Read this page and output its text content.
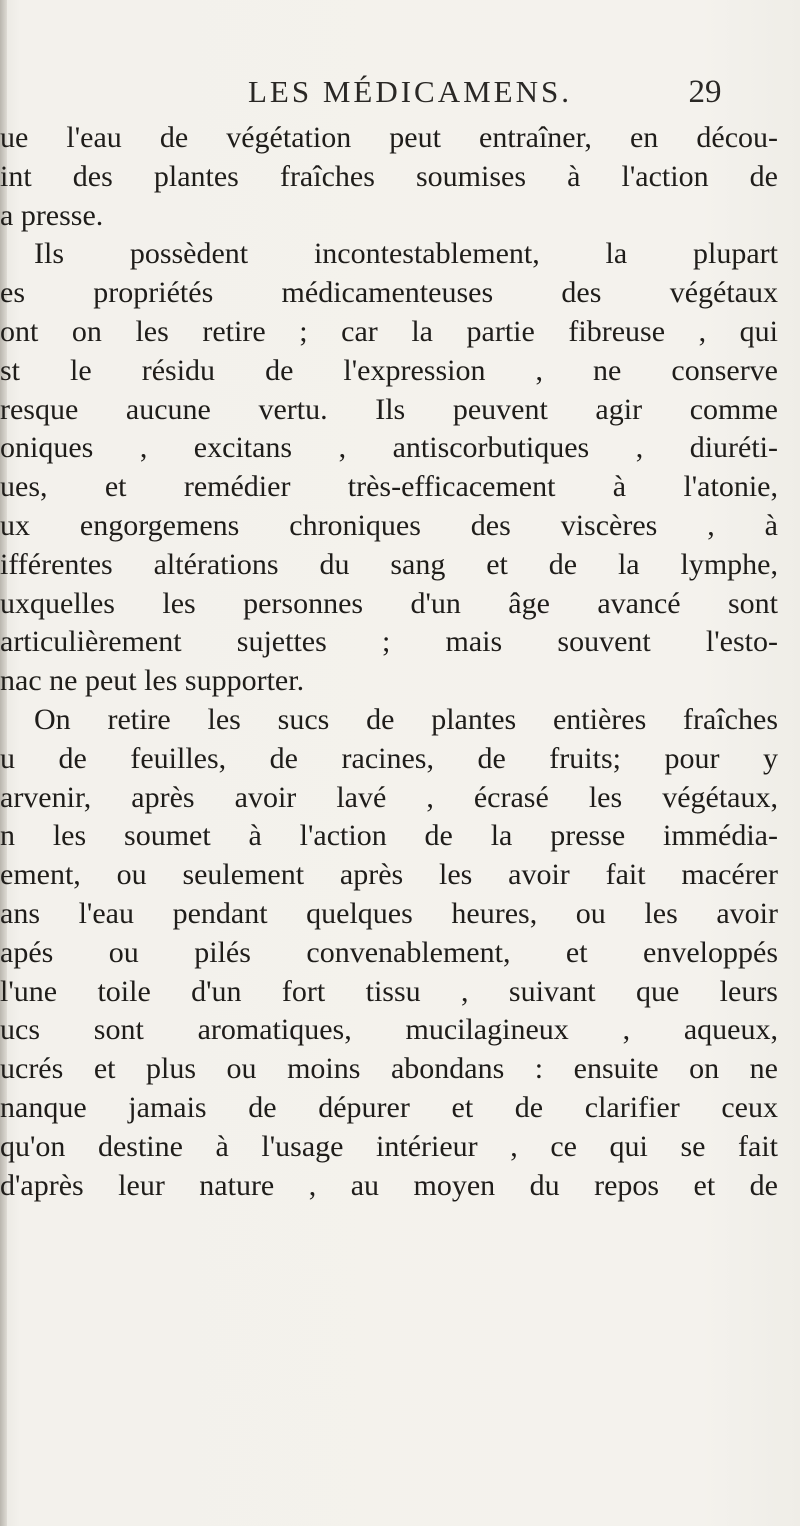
LES MÉDICAMENS.	29
ue l'eau de végétation peut entraîner, en décou-
int des plantes fraîches soumises à l'action de
a presse.
Ils possèdent incontestablement, la plupart
es propriétés médicamenteuses des végétaux
ont on les retire ; car la partie fibreuse , qui
st le résidu de l'expression , ne conserve
resque aucune vertu. Ils peuvent agir comme
oniques , excitans , antiscorbutiques , diuréti-
ues, et remédier très-efficacement à l'atonie,
ux engorgemens chroniques des viscères , à
ifférentes altérations du sang et de la lymphe,
uxquelles les personnes d'un âge avancé sont
articulièrement sujettes ; mais souvent l'esto-
nac ne peut les supporter.
On retire les sucs de plantes entières fraîches
u de feuilles, de racines, de fruits; pour y
arvenir, après avoir lavé , écrasé les végétaux,
n les soumet à l'action de la presse immédia-
ement, ou seulement après les avoir fait macérer
ans l'eau pendant quelques heures, ou les avoir
apés ou pilés convenablement, et enveloppés
l'une toile d'un fort tissu , suivant que leurs
ucs sont aromatiques, mucilagineux , aqueux,
ucrés et plus ou moins abondans : ensuite on ne
nanque jamais de dépurer et de clarifier ceux
qu'on destine à l'usage intérieur , ce qui se fait
d'après leur nature , au moyen du repos et de
